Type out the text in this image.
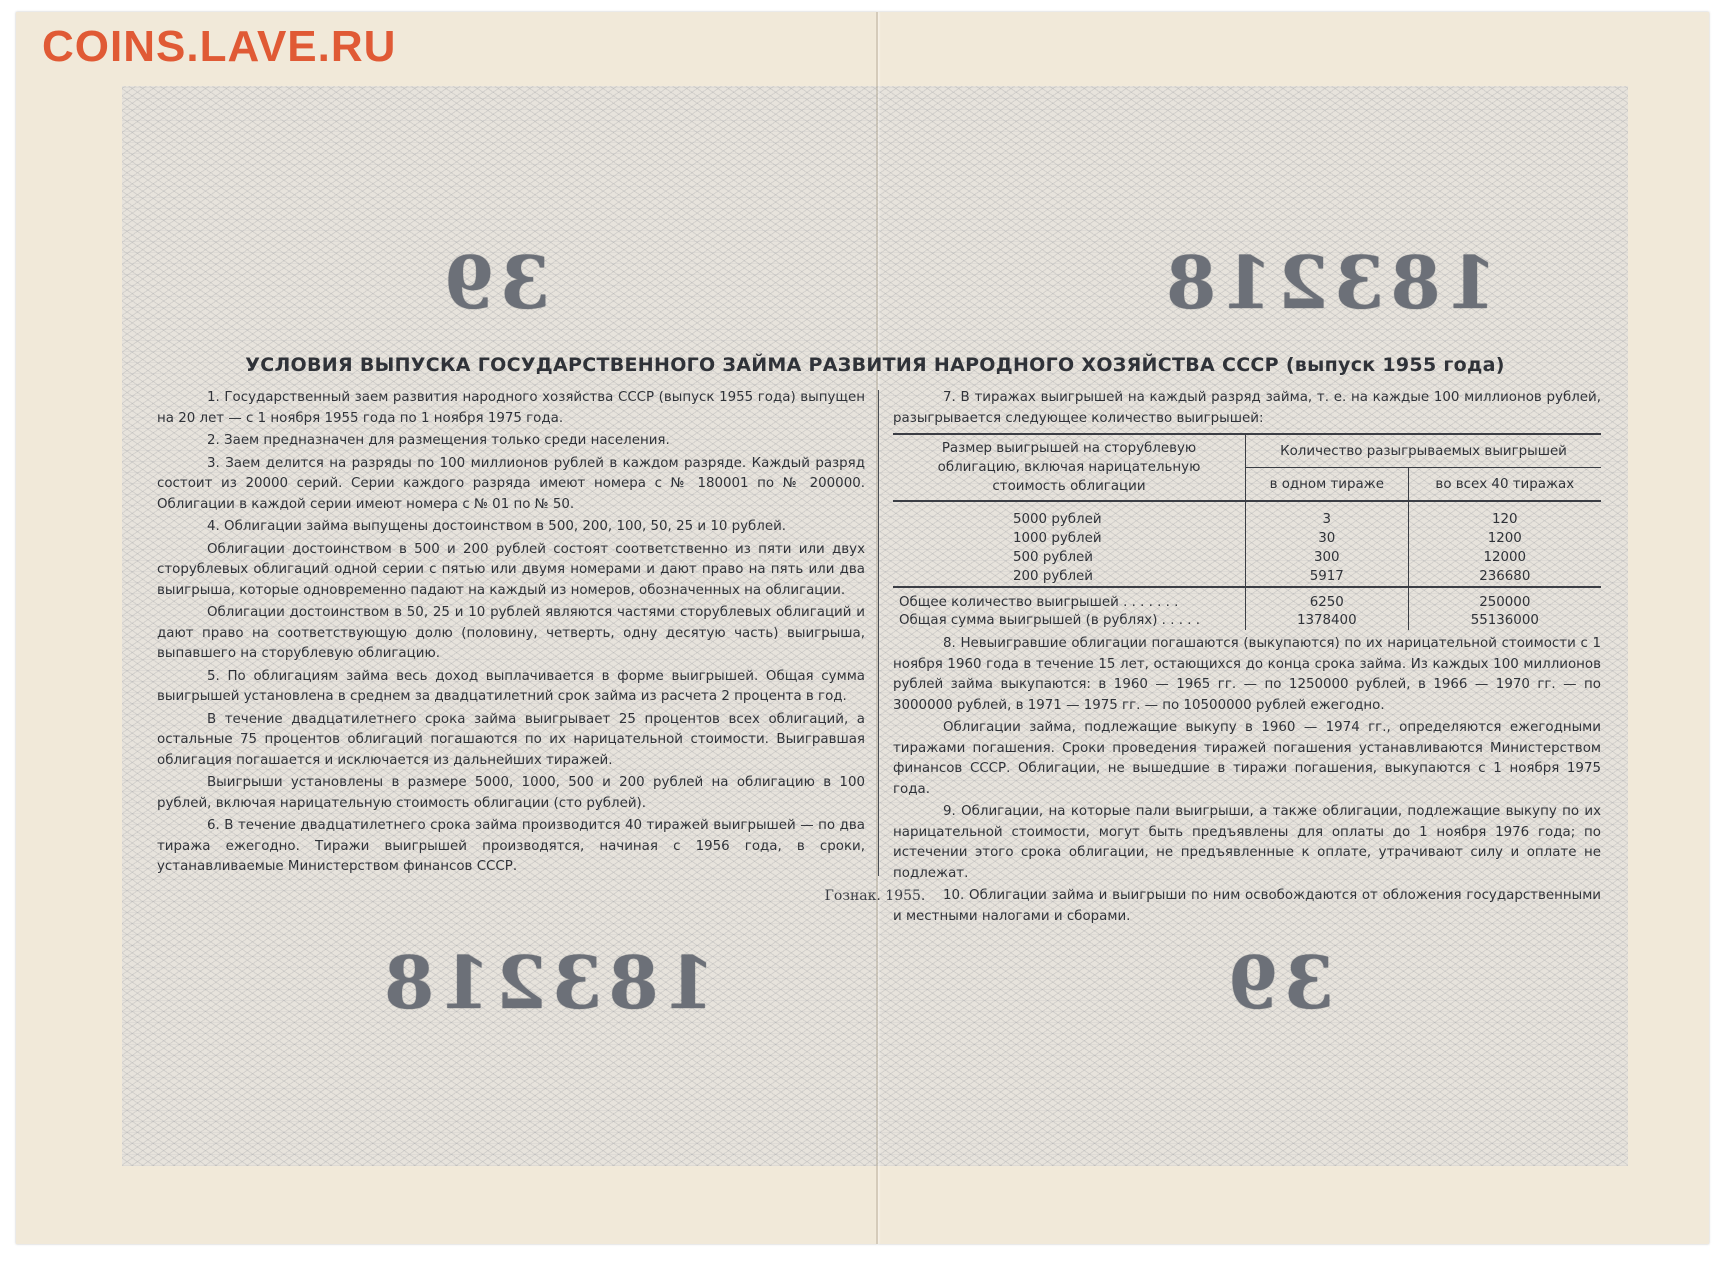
COINS.LAVE.RU
39	183218
183218	39
УСЛОВИЯ ВЫПУСКА ГОСУДАРСТВЕННОГО ЗАЙМА РАЗВИТИЯ НАРОДНОГО ХОЗЯЙСТВА СССР (выпуск 1955 года)

1. Государственный заем развития народного хозяйства СССР (выпуск 1955 года) выпущен на 20 лет — с 1 ноября 1955 года по 1 ноября 1975 года.

2. Заем предназначен для размещения только среди населения.

3. Заем делится на разряды по 100 миллионов рублей в каждом разряде. Каждый разряд состоит из 20000 серий. Серии каждого разряда имеют номера с № 180001 по № 200000. Облигации в каждой серии имеют номера с № 01 по № 50.

4. Облигации займа выпущены достоинством в 500, 200, 100, 50, 25 и 10 рублей.

Облигации достоинством в 500 и 200 рублей состоят соответственно из пяти или двух сторублевых облигаций одной серии с пятью или двумя номерами и дают право на пять или два выигрыша, которые одновременно падают на каждый из номеров, обозначенных на облигации.

Облигации достоинством в 50, 25 и 10 рублей являются частями сторублевых облигаций и дают право на соответствующую долю (половину, четверть, одну десятую часть) выигрыша, выпавшего на сторублевую облигацию.

5. По облигациям займа весь доход выплачивается в форме выигрышей. Общая сумма выигрышей установлена в среднем за двадцатилетний срок займа из расчета 2 процента в год.

В течение двадцатилетнего срока займа выигрывает 25 процентов всех облигаций, а остальные 75 процентов облигаций погашаются по их нарицательной стоимости. Выигравшая облигация погашается и исключается из дальнейших тиражей.

Выигрыши установлены в размере 5000, 1000, 500 и 200 рублей на облигацию в 100 рублей, включая нарицательную стоимость облигации (сто рублей).

6. В течение двадцатилетнего срока займа производится 40 тиражей выигрышей — по два тиража ежегодно. Тиражи выигрышей производятся, начиная с 1956 года, в сроки, устанавливаемые Министерством финансов СССР.

7. В тиражах выигрышей на каждый разряд займа, т. е. на каждые 100 миллионов рублей, разыгрывается следующее количество выигрышей:

Размер выигрышей на сторублевую облигацию, включая нарицательную стоимость облигации	Количество разыгрываемых выигрышей	
	в одном тираже	во всех 40 тиражах

5000 рублей	3	120
1000 рублей	30	1200
500 рублей	300	12000
200 рублей	5917	236680

Общее количество выигрышей . . . . . . .	6250	250000
Общая сумма выигрышей (в рублях) . . . . .	1378400	55136000

8. Невыигравшие облигации погашаются (выкупаются) по их нарицательной стоимости с 1 ноября 1960 года в течение 15 лет, остающихся до конца срока займа. Из каждых 100 миллионов рублей займа выкупаются: в 1960 — 1965 гг. — по 1250000 рублей, в 1966 — 1970 гг. — по 3000000 рублей, в 1971 — 1975 гг. — по 10500000 рублей ежегодно.

Облигации займа, подлежащие выкупу в 1960 — 1974 гг., определяются ежегодными тиражами погашения. Сроки проведения тиражей погашения устанавливаются Министерством финансов СССР. Облигации, не вышедшие в тиражи погашения, выкупаются с 1 ноября 1975 года.

9. Облигации, на которые пали выигрыши, а также облигации, подлежащие выкупу по их нарицательной стоимости, могут быть предъявлены для оплаты до 1 ноября 1976 года; по истечении этого срока облигации, не предъявленные к оплате, утрачивают силу и оплате не подлежат.

10. Облигации займа и выигрыши по ним освобождаются от обложения государственными и местными налогами и сборами.

Гознак. 1955.
